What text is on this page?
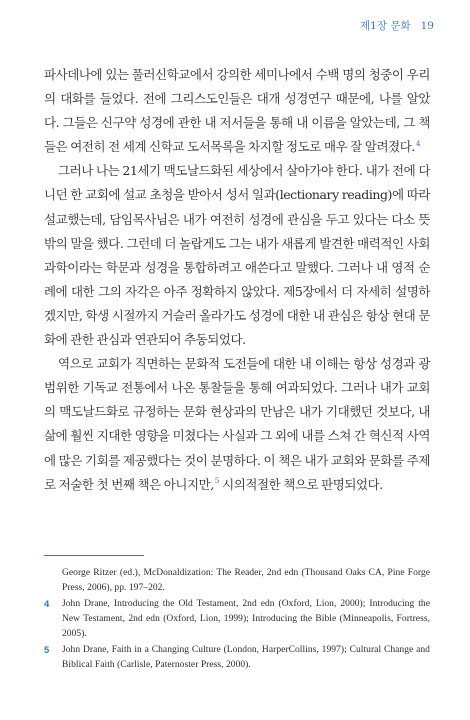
제1장 문화 19

파사데나에 있는 풀러신학교에서 강의한 세미나에서 수백 명의 청중이 우리의 대화를 들었다. 전에 그리스도인들은 대개 성경연구 때문에, 나를 알았다. 그들은 신구약 성경에 관한 내 저서들을 통해 내 이름을 알았는데, 그 책들은 여전히 전 세계 신학교 도서목록을 차지할 정도로 매우 잘 알려졌다.$^4$

그러나 나는 21세기 맥도날드화된 세상에서 살아가야 한다. 내가 전에 다니던 한 교회에 설교 초청을 받아서 성서 일과(lectionary reading)에 따라 설교했는데, 담임목사님은 내가 여전히 성경에 관심을 두고 있다는 다소 뜻밖의 말을 했다. 그런데 더 놀랍게도 그는 내가 새롭게 발견한 매력적인 사회과학이라는 학문과 성경을 통합하려고 애쓴다고 말했다. 그러나 내 영적 순례에 대한 그의 자각은 아주 정확하지 않았다. 제5장에서 더 자세히 설명하겠지만, 학생 시절까지 거슬러 올라가도 성경에 대한 내 관심은 항상 현대 문화에 관한 관심과 연관되어 추동되었다.

역으로 교회가 직면하는 문화적 도전들에 대한 내 이해는 항상 성경과 광범위한 기독교 전통에서 나온 통찰들을 통해 여과되었다. 그러나 내가 교회의 맥도날드화로 규정하는 문화 현상과의 만남은 내가 기대했던 것보다, 내 삶에 훨씬 지대한 영향을 미쳤다는 사실과 그 외에 내를 스쳐 간 혁신적 사역에 많은 기회를 제공했다는 것이 분명하다. 이 책은 내가 교회와 문화를 주제로 저술한 첫 번째 책은 아니지만,$^5$ 시의적절한 책으로 판명되었다.

George Ritzer (ed.), McDonaldization: The Reader, 2nd edn (Thousand Oaks CA, Pine Forge Press, 2006), pp. 197–202.
4 John Drane, Introducing the Old Testament, 2nd edn (Oxford, Lion, 2000); Introducing the New Testament, 2nd edn (Oxford, Lion, 1999); Introducing the Bible (Minneapolis, Fortress, 2005).
5 John Drane, Faith in a Changing Culture (London, HarperCollins, 1997); Cultural Change and Biblical Faith (Carlisle, Paternoster Press, 2000).
